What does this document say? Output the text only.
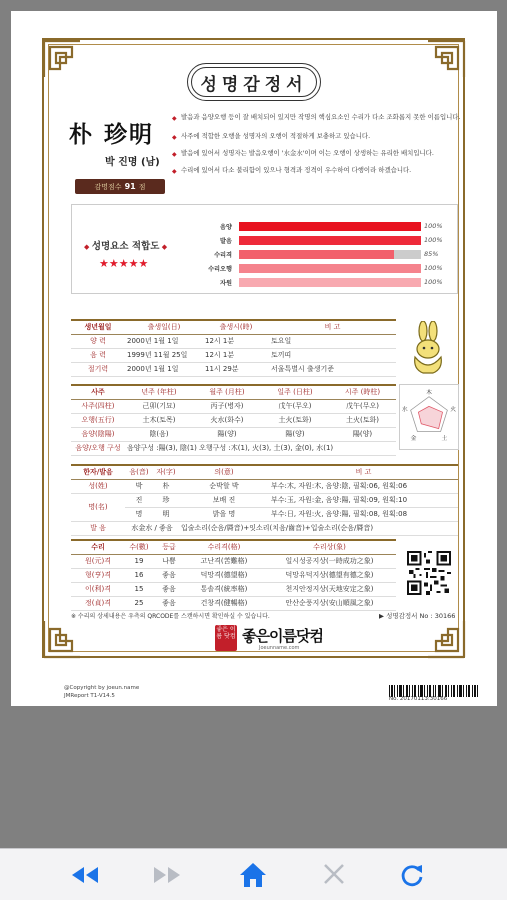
성명감정서
朴 珍明
박 진명 (남)
감명점수 91 점
◆ 발음과 음양오행 등이 잘 배치되어 있지만 작명의 핵심요소인 수리가 다소 조화롭지 못한 이름입니다.
◆ 사주에 적합한 오행을 성명자의 오행이 적절하게 보충하고 있습니다.
◆ 발음에 있어서 성명자는 발음오행이 '水金水'이며 이는 오행이 상생하는 유리한 배치입니다.
◆ 수리에 있어서 다소 불리함이 있으나 형격과 정격이 우수하여 다행이라 하겠습니다.
◆ 성명요소 적합도 ◆
★★★★★
음양	100%
발음	100%
수리격	85%
수리오행	100%
자원	100%
생년월일	출생일(日)	출생시(時)	비 고
양 력	2000년 1월 1일	12시 1분	토요일
음 력	1999년 11월 25일	12시 1분	토끼띠
절기력	2000년 1월 1일	11시 29분	서울특별시 출생기준
사주	년주 (年柱)	월주 (月柱)	일주 (日柱)	시주 (時柱)
사주(四柱)	己卯(기묘)	丙子(병자)	戊午(무오)	戊午(무오)
오행(五行)	土木(토목)	火水(화수)	土火(토화)	土火(토화)
음양(陰陽)	陰(음)	陽(양)	陽(양)	陽(양)
음양/오행 구성	음양구성 :陽(3), 陰(1) 오행구성 :木(1), 火(3), 土(3), 金(0), 水(1)			
木
火
土
金
水
한자/발음	음(音)	자(字)	의(意)	비 고
성(姓)	박	朴	순박할 박	부수:木, 자원:木, 음양:陰, 필획:06, 원획:06
명(名)	진	珍	보배 진	부수:玉, 자원:金, 음양:陽, 필획:09, 원획:10
	명	明	밝을 명	부수:日, 자원:火, 음양:陽, 필획:08, 원획:08
발 음	水金水 / 좋음		입술소리(순음/脣音)+잇소리(치음/齒音)+입술소리(순음/脣音)	
수리	수(數)	등급	수리격(格)	수리상(象)
원(元)격	19	나쁨	고난격(苦難格)	일시성공지상(一時成功之象)
형(亨)격	16	좋음	덕망격(德望格)	덕망유덕지상(德望有德之象)
이(利)격	15	좋음	통솔격(統率格)	천지안정지상(天地安定之象)
정(貞)격	25	좋음	건창격(健暢格)	안산순풍지상(安山順風之象)
※ 수리의 상세내용은 우측의 QRCODE를 스캔하시면 확인하실 수 있습니다.	▶ 성명감정서 No : 30166
좋은 이름 닷컴 좋은이름닷컴
Joeunname.com
@Copyright by joeun.name
JMReport T1-V14.5	No. 20170113:30166
